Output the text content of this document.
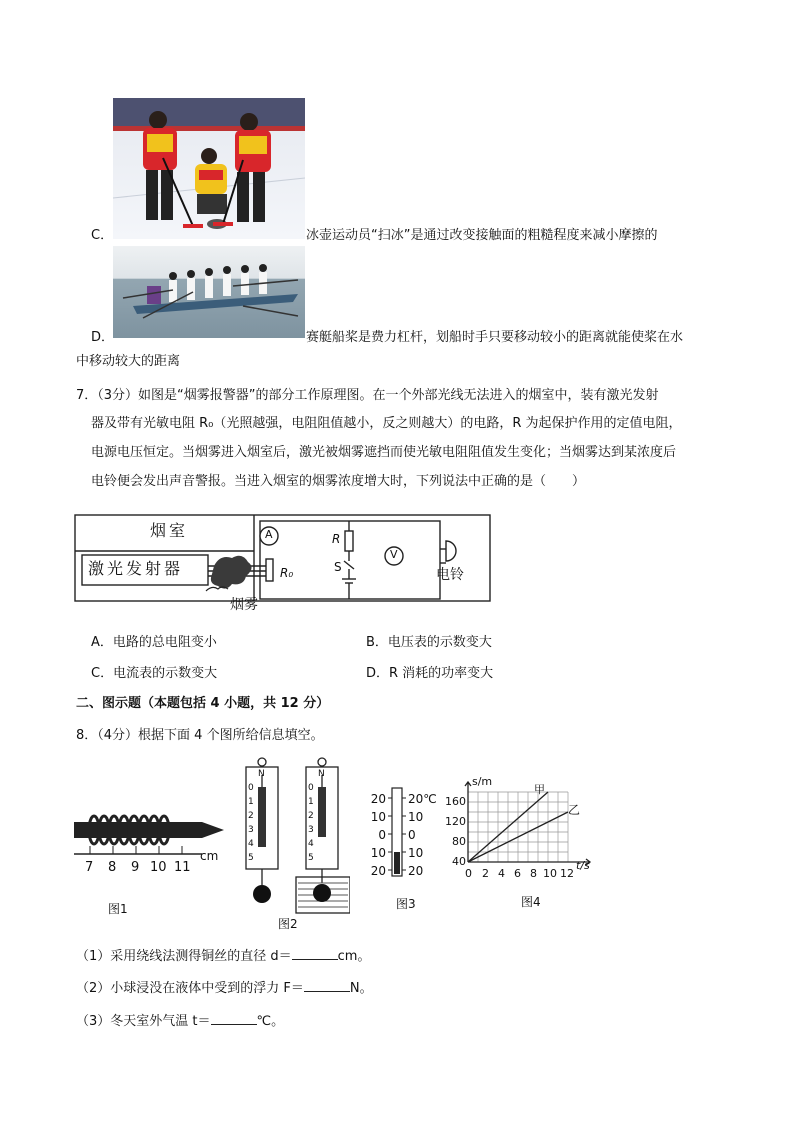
C．	冰壶运动员“扫冰”是通过改变接触面的粗糙程度来减小摩擦的
D．	赛艇船桨是费力杠杆，划船时手只要移动较小的距离就能使桨在水
中移动较大的距离
7．（3分）如图是“烟雾报警器”的部分工作原理图。在一个外部光线无法进入的烟室中，装有激光发射
器及带有光敏电阻 R₀（光照越强，电阻阻值越小，反之则越大）的电路，R 为起保护作用的定值电阻，
电源电压恒定。当烟雾进入烟室后，激光被烟雾遮挡而使光敏电阻阻值发生变化；当烟雾达到某浓度后
电铃便会发出声音警报。当进入烟室的烟雾浓度增大时，下列说法中正确的是（　　）
烟室
激光发射器
烟雾
A
R₀
R
S
V
电铃
A．电路的总电阻变小	B．电压表的示数变大
C．电流表的示数变大	D．R 消耗的功率变大
二、图示题（本题包括 4 小题，共 12 分）
8．（4分）根据下面 4 个图所给信息填空。
cm
7 8 9 10 11
图1
N
0
1
2
3
4
5
N
0
1
2
3
4
5
图2
20
10
0
10
20
20℃
10
0
10
20
图3
s/m
t/s
甲
乙
160
120
80
40
0 2 4 6 8 10 12
图4
（1）采用绕线法测得铜丝的直径 d＝	cm。
（2）小球浸没在液体中受到的浮力 F＝	N。
（3）冬天室外气温 t＝	℃。
